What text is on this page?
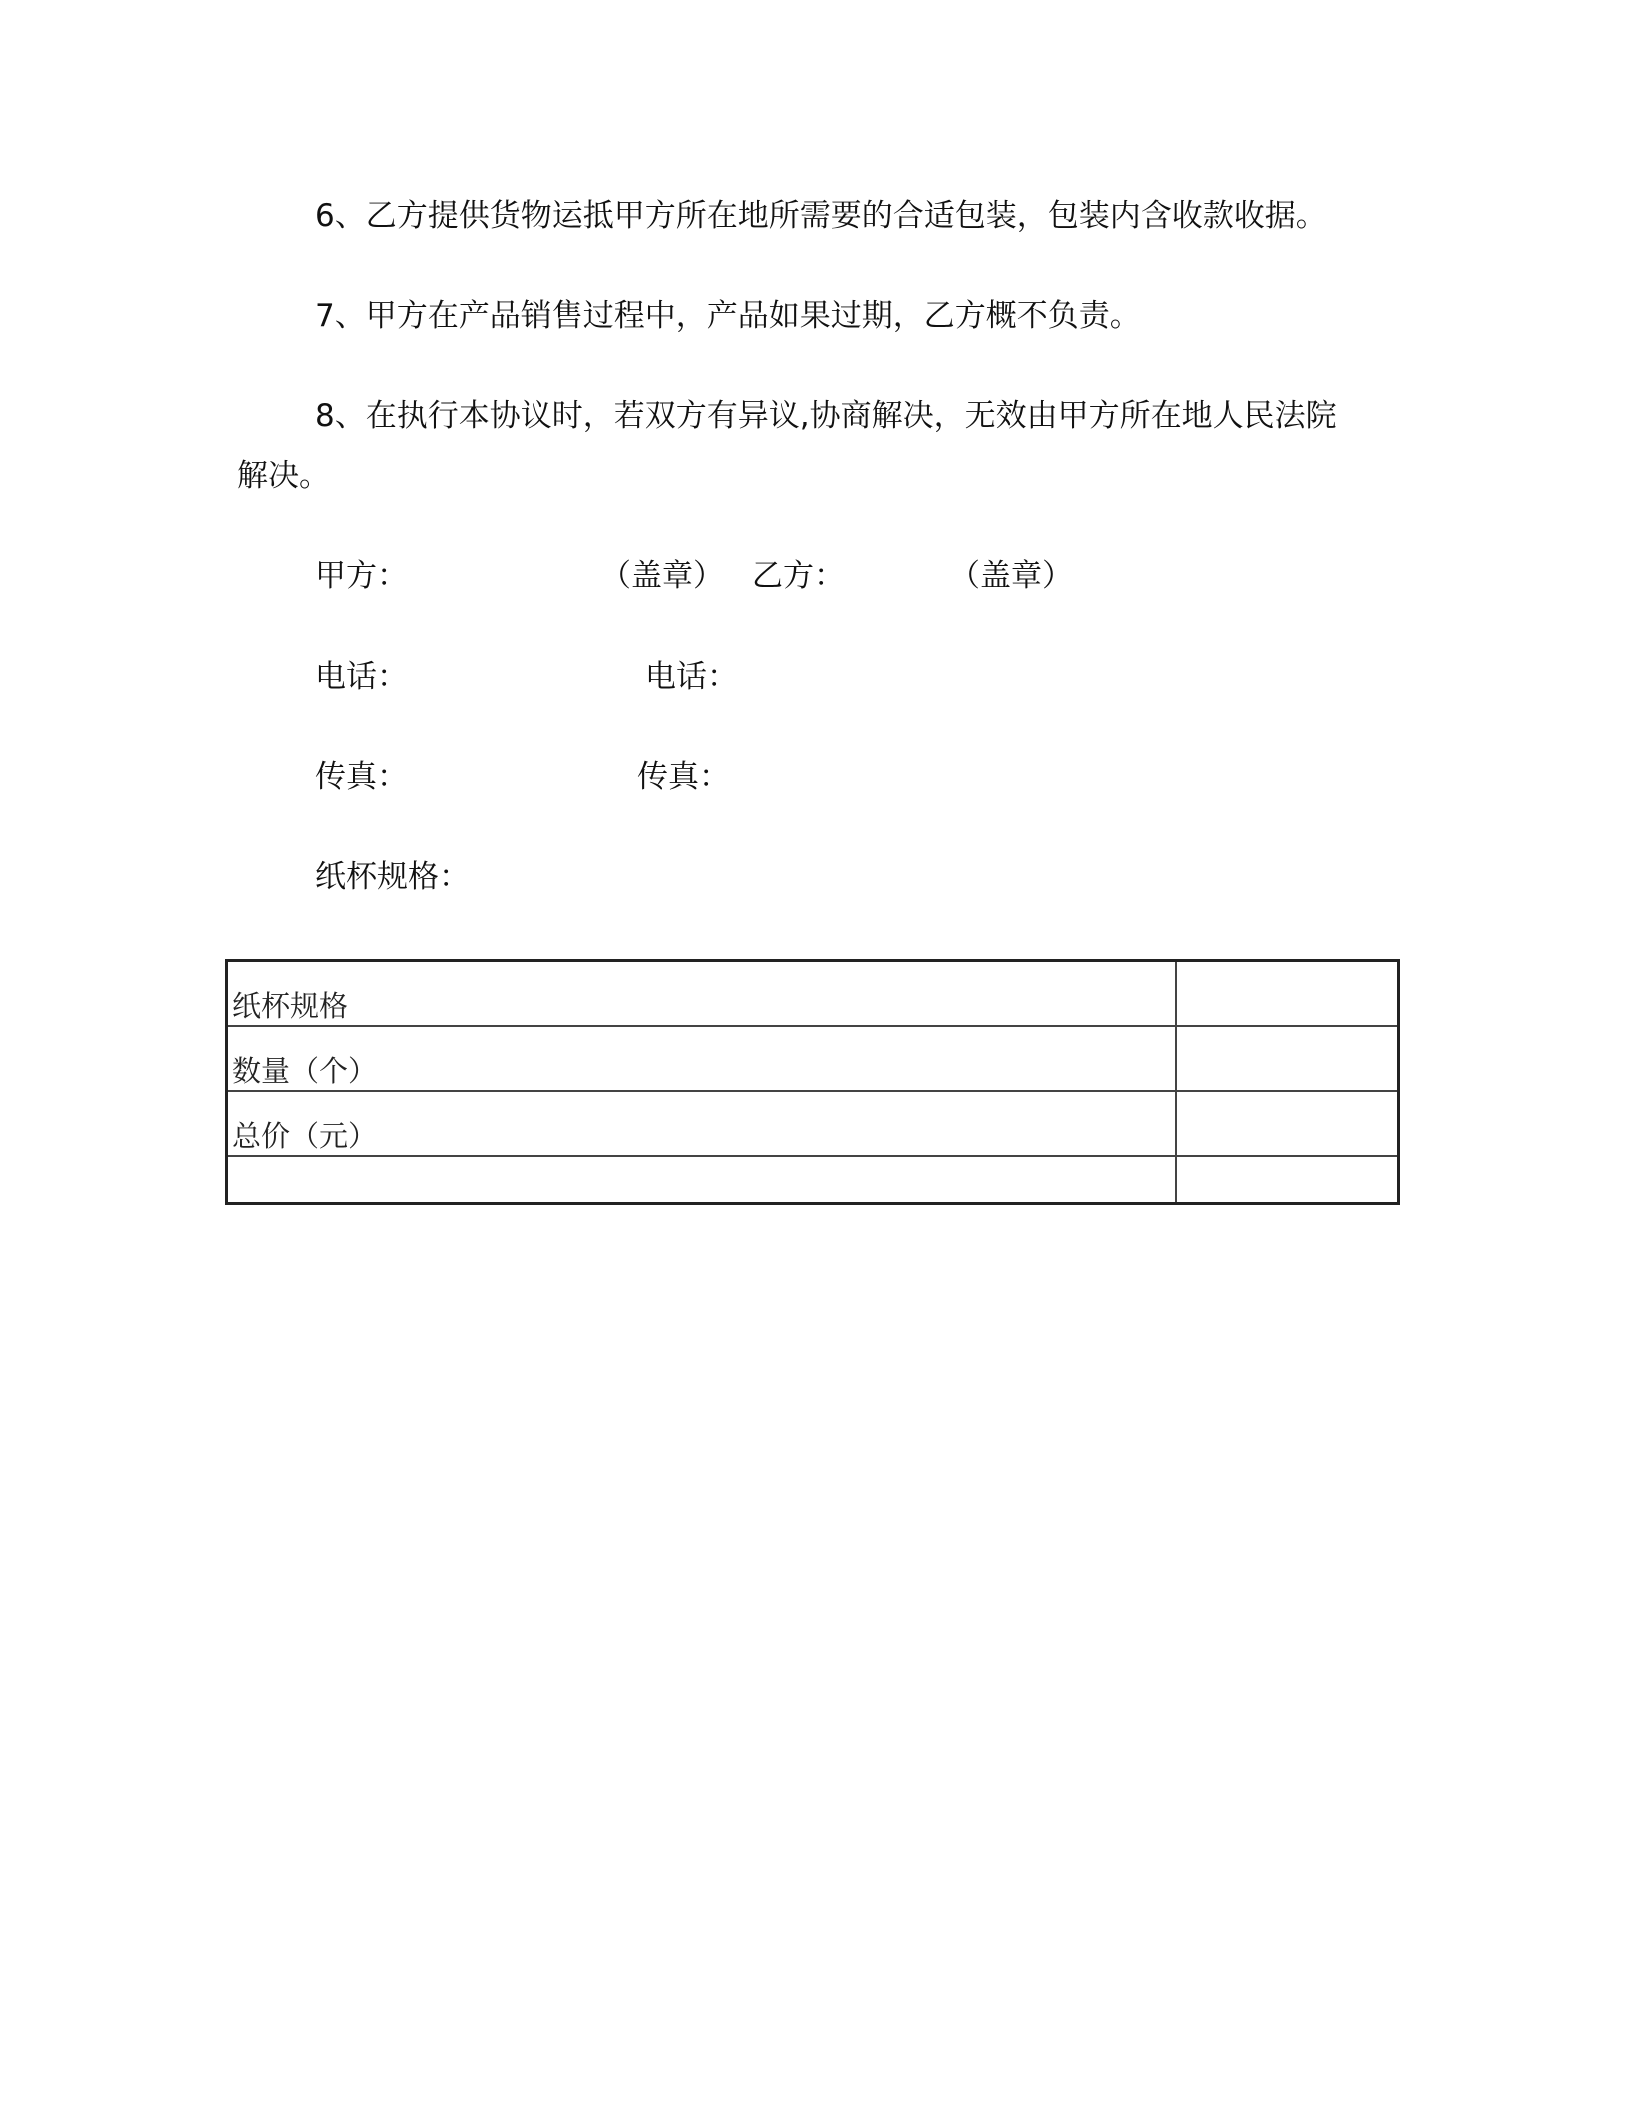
6、乙方提供货物运抵甲方所在地所需要的合适包装，包装内含收款收据。
7、甲方在产品销售过程中，产品如果过期，乙方概不负责。
8、在执行本协议时，若双方有异议,协商解决，无效由甲方所在地人民法院
解决。
甲方：	（盖章） 乙方：	（盖章）
电话：	电话：
传真：	传真：
纸杯规格：
纸杯规格	
数量（个）	
总价（元）	
